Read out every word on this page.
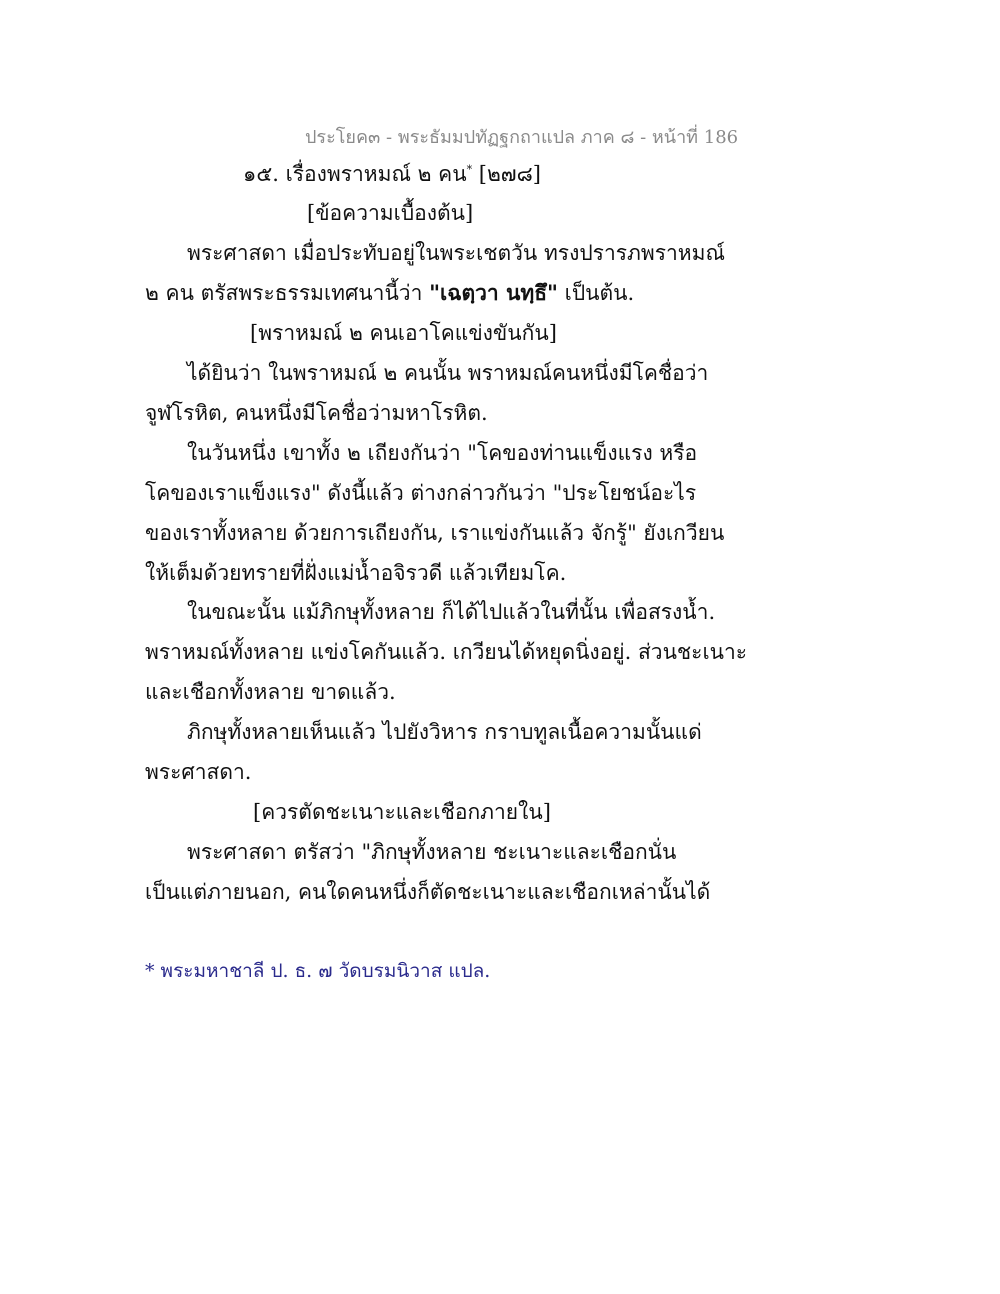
ประโยค๓ - พระธัมมปทัฏฐกถาแปล ภาค ๘ - หน้าที่ 186
๑๕. เรื่องพราหมณ์ ๒ คน* [๒๗๘]
[ข้อความเบื้องต้น]
พระศาสดา เมื่อประทับอยู่ในพระเชตวัน ทรงปรารภพราหมณ์
๒ คน ตรัสพระธรรมเทศนานี้ว่า "เฉตฺวา นทฺธึ" เป็นต้น.
[พราหมณ์ ๒ คนเอาโคแข่งขันกัน]
ได้ยินว่า ในพราหมณ์ ๒ คนนั้น พราหมณ์คนหนึ่งมีโคชื่อว่า
จูฬโรหิต, คนหนึ่งมีโคชื่อว่ามหาโรหิต.
ในวันหนึ่ง เขาทั้ง ๒ เถียงกันว่า "โคของท่านแข็งแรง หรือ
โคของเราแข็งแรง" ดังนี้แล้ว ต่างกล่าวกันว่า "ประโยชน์อะไร
ของเราทั้งหลาย ด้วยการเถียงกัน, เราแข่งกันแล้ว จักรู้" ยังเกวียน
ให้เต็มด้วยทรายที่ฝั่งแม่น้ำอจิรวดี แล้วเทียมโค.
ในขณะนั้น แม้ภิกษุทั้งหลาย ก็ได้ไปแล้วในที่นั้น เพื่อสรงน้ำ.
พราหมณ์ทั้งหลาย แข่งโคกันแล้ว. เกวียนได้หยุดนิ่งอยู่. ส่วนชะเนาะ
และเชือกทั้งหลาย ขาดแล้ว.
ภิกษุทั้งหลายเห็นแล้ว ไปยังวิหาร กราบทูลเนื้อความนั้นแด่
พระศาสดา.
[ควรตัดชะเนาะและเชือกภายใน]
พระศาสดา ตรัสว่า "ภิกษุทั้งหลาย ชะเนาะและเชือกนั่น
เป็นแต่ภายนอก, คนใดคนหนึ่งก็ตัดชะเนาะและเชือกเหล่านั้นได้
* พระมหาชาลี ป. ธ. ๗ วัดบรมนิวาส แปล.
